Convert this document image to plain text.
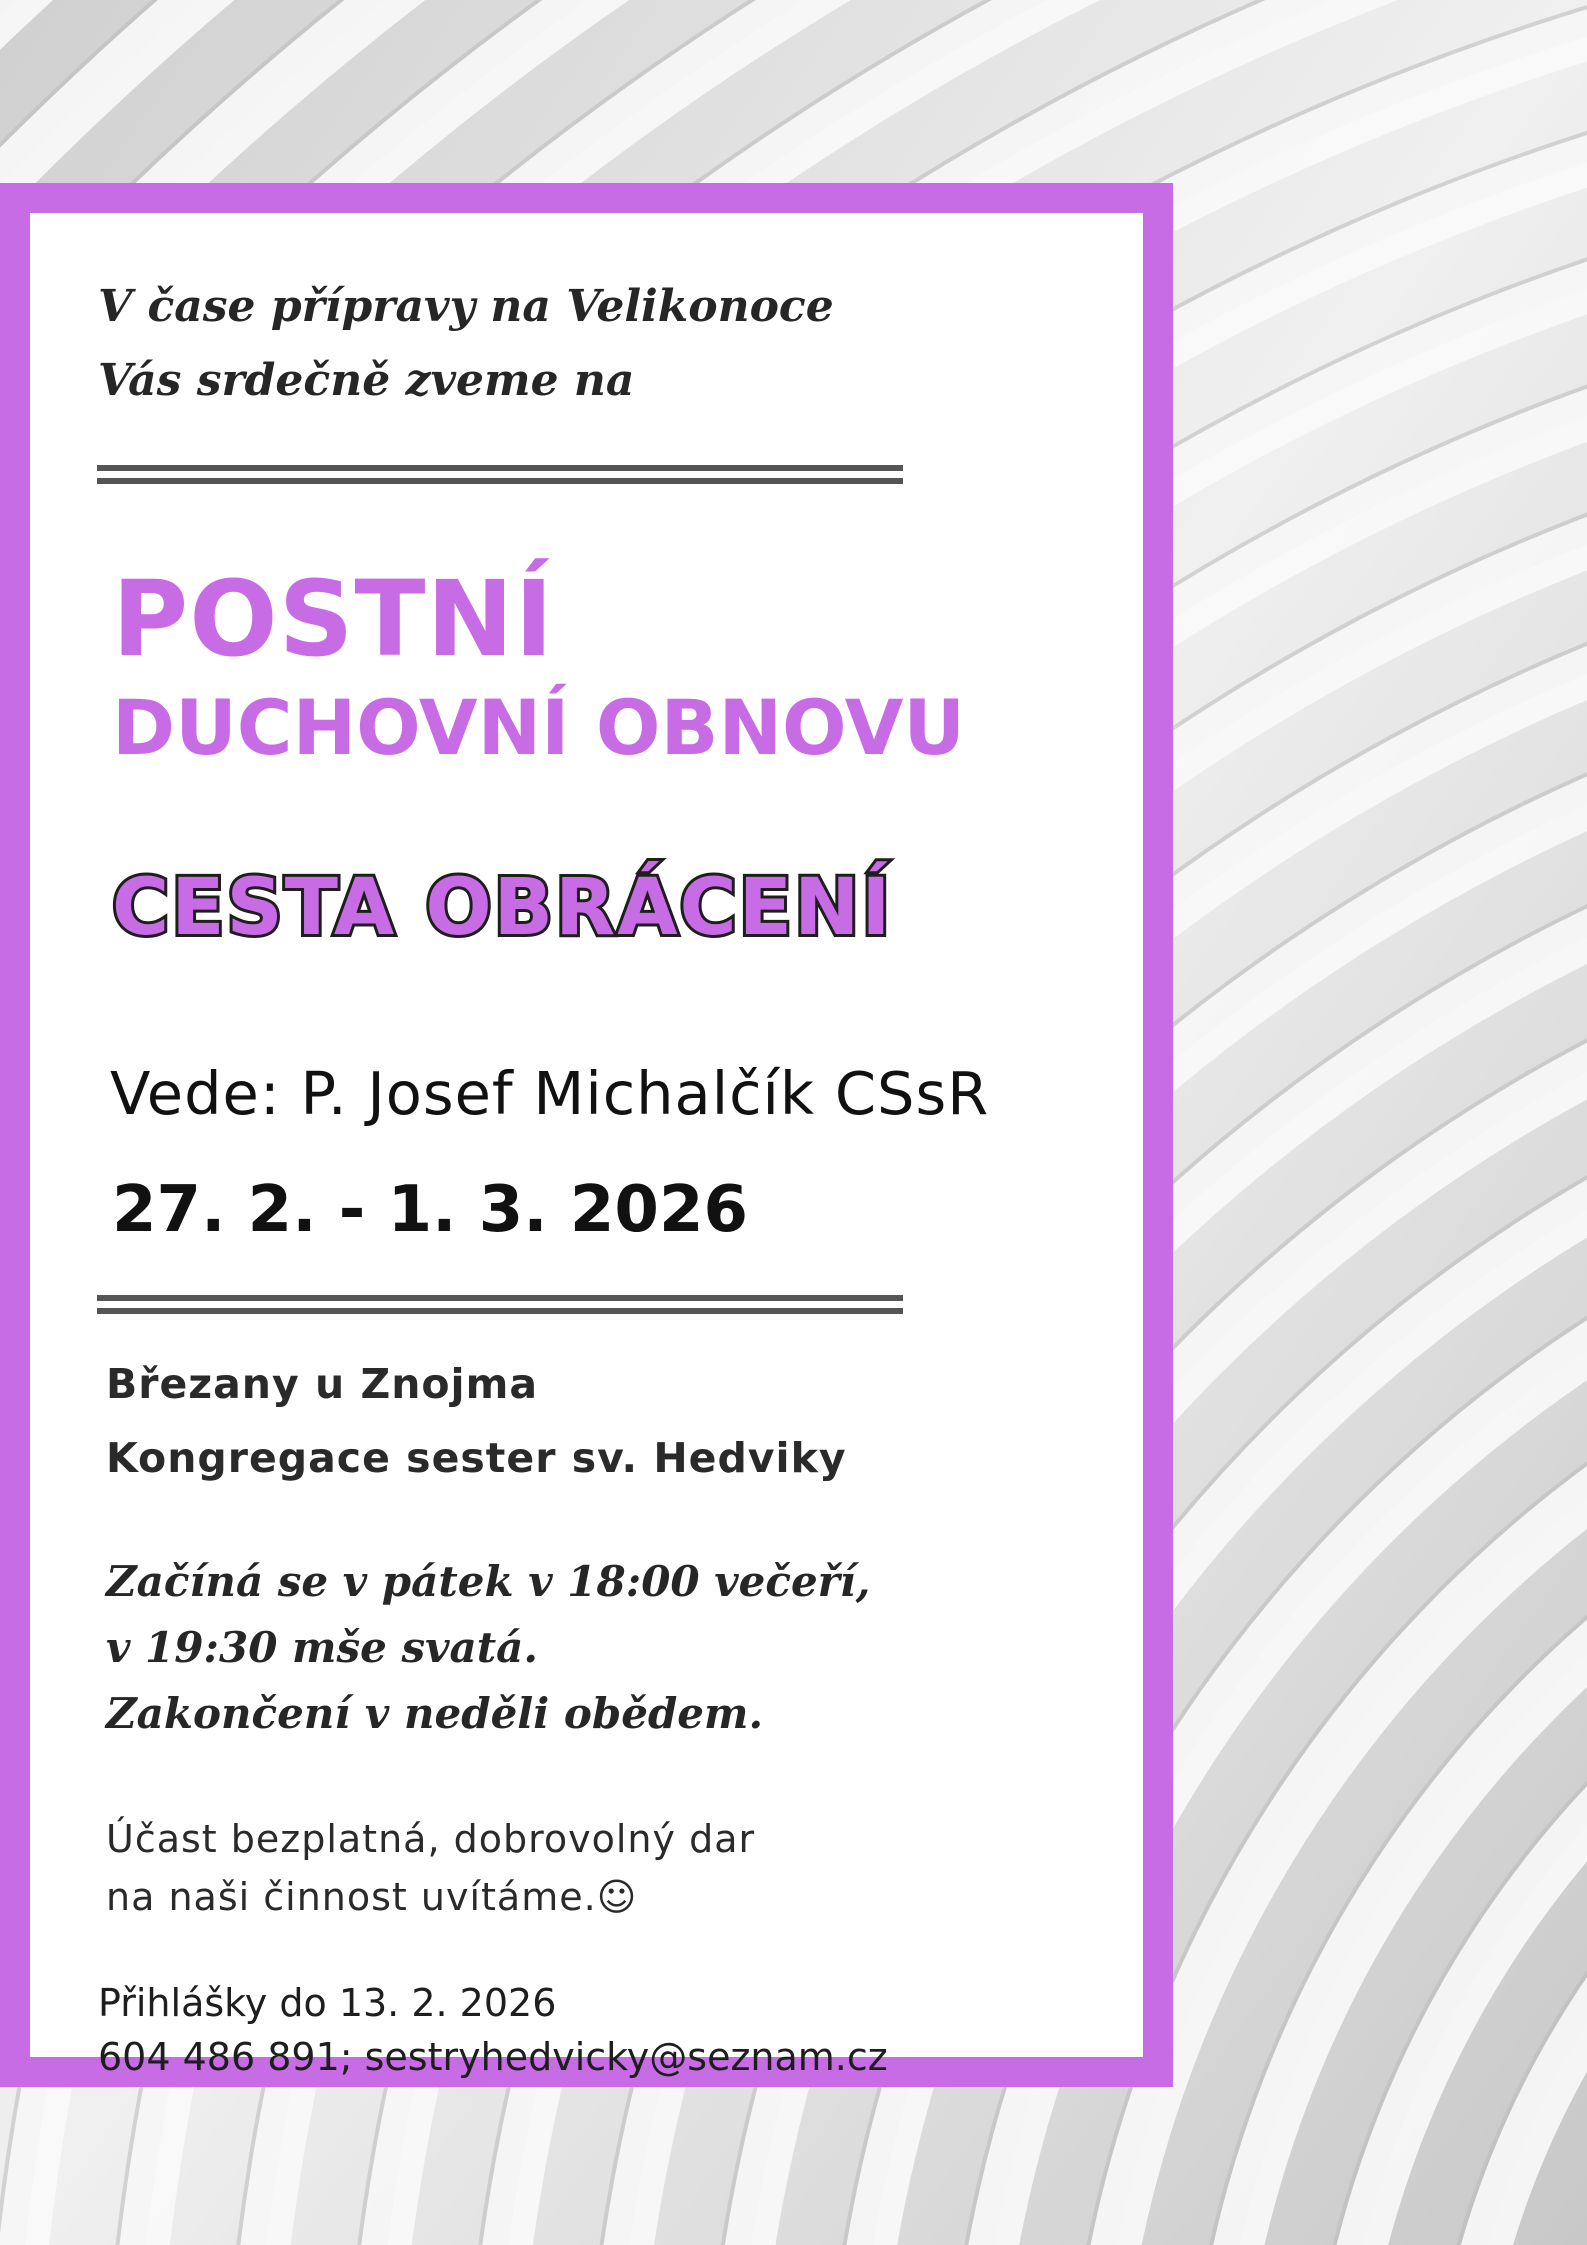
V čase přípravy na Velikonoce

Vás srdečně zveme na

POSTNÍ

DUCHOVNÍ OBNOVU

CESTA OBRÁCENÍ

Vede: P. Josef Michalčík CSsR

27. 2. - 1. 3. 2026

Březany u Znojma

Kongregace sester sv. Hedviky

Začíná se v pátek v 18:00 večeří,

v 19:30 mše svatá.

Zakončení v neděli obědem.

Účast bezplatná, dobrovolný dar

na naši činnost uvítáme.☺

Přihlášky do 13. 2. 2026

604 486 891; sestryhedvicky@seznam.cz
